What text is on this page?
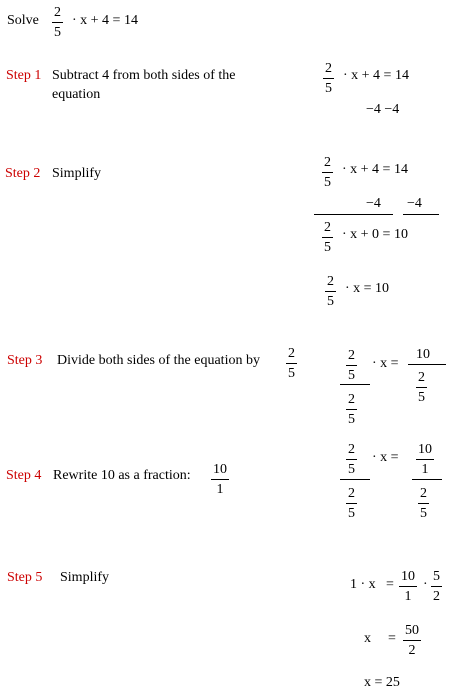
Solve
2
5
· x + 4 = 14
Step 1 Subtract 4 from both sides of the
equation
2
5
· x + 4 = 14
−4 −4
Step 2 Simplify
2
5
· x + 4 = 14
−4 −4
2
5
· x + 0 = 10
2
5
· x = 10
Step 3 Divide both sides of the equation by 2
5
2
5
2
5
· x =
10
2
5
Step 4 Rewrite 10 as a fraction: 10
1
2
5
2
5
· x =
10
1
2
5
Step 5 Simplify	1 · x =
10
1
·
5
2
x =
50
2
x = 25
